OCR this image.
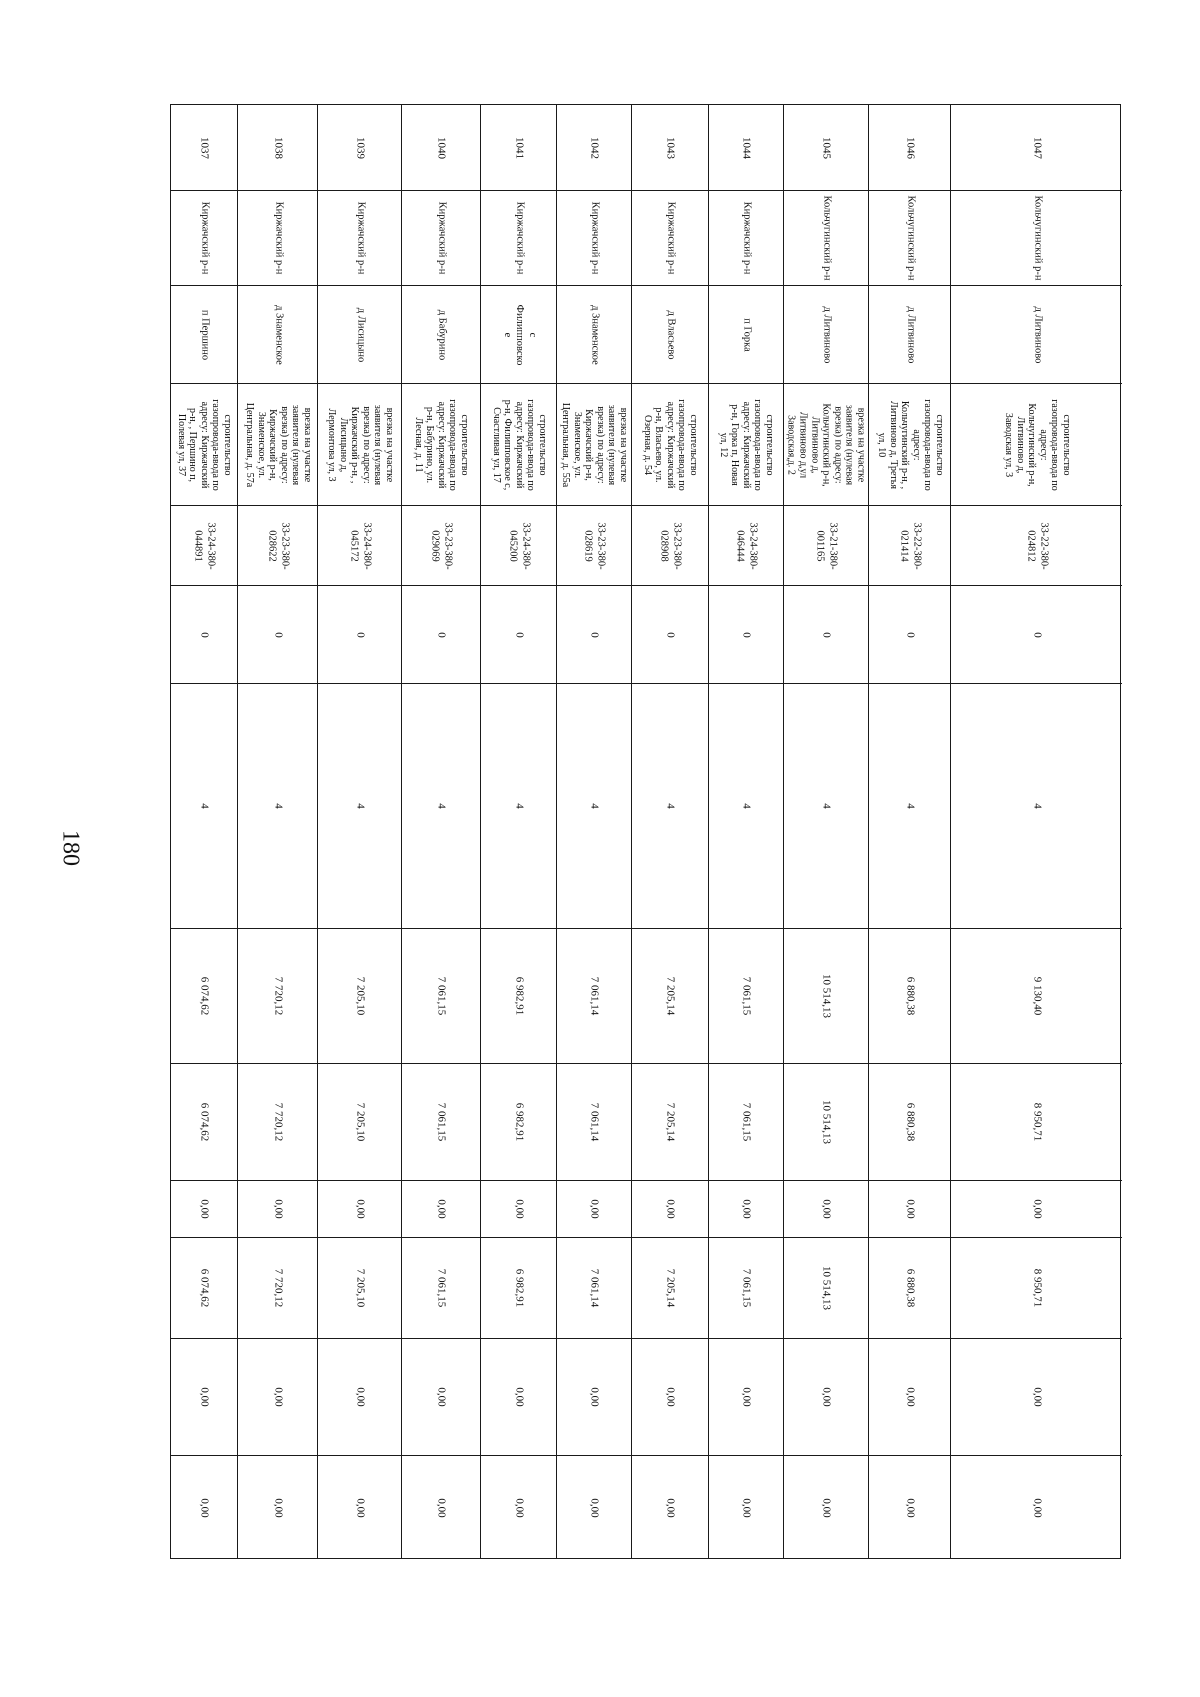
180
1037
Киржачский р-н
п Першино
строительство
газопровода-ввода по
адресу: Киржачский
р-н, , Першино п,
Полевая ул, 37
33-24-380-
044891
0
4
6 074,62
6 074,62
0,00
6 074,62
0,00
0,00
1038
Киржачский р-н
д Знаменское
врезка на участке
заявителя (нулевая
врезка) по адресу:
Киржачский р-н,
Знаменское, ул.
Центральная, д. 57а
33-23-380-
028622
0
4
7 720,12
7 720,12
0,00
7 720,12
0,00
0,00
1039
Киржачский р-н
д Лисицыно
врезка на участке
заявителя (нулевая
врезка) по адресу:
Киржачский р-н, ,
Лисицыно д,
Лермонтова ул, 3
33-24-380-
045172
0
4
7 205,10
7 205,10
0,00
7 205,10
0,00
0,00
1040
Киржачский р-н
д Бабурино
строительство
газопровода-ввода по
адресу: Киржачский
р-н, Бабурино, ул.
Лесная, д. 11
33-23-380-
029069
0
4
7 061,15
7 061,15
0,00
7 061,15
0,00
0,00
1041
Киржачский р-н
с
Филипповско
е
строительство
газопровода-ввода по
адресу: Киржачский
р-н, Филипповское с,
Счастливая ул, 17
33-24-380-
045200
0
4
6 982,91
6 982,91
0,00
6 982,91
0,00
0,00
1042
Киржачский р-н
д Знаменское
врезка на участке
заявителя (нулевая
врезка) по адресу:
Киржачский р-н,
Знаменское, ул.
Центральная, д. 55а
33-23-380-
028619
0
4
7 061,14
7 061,14
0,00
7 061,14
0,00
0,00
1043
Киржачский р-н
д Власьево
строительство
газопровода-ввода по
адресу: Киржачский
р-н, Власьево, ул.
Озерная, д. 54
33-23-380-
028908
0
4
7 205,14
7 205,14
0,00
7 205,14
0,00
0,00
1044
Киржачский р-н
п Горка
строительство
газопровода-ввода по
адресу: Киржачский
р-н, Горка п, Новая
ул, 12
33-24-380-
046444
0
4
7 061,15
7 061,15
0,00
7 061,15
0,00
0,00
1045
Кольчугинский р-н
д Литвиново
врезка на участке
заявителя (нулевая
врезка) по адресу:
Кольчугинский р-н,
Литвиново д,
Литвиново д,ул
Заводская,д. 2
33-21-380-
001165
0
4
10 514,13
10 514,13
0,00
10 514,13
0,00
0,00
1046
Кольчугинский р-н
д Литвиново
строительство
газопровода-ввода по
адресу:
Кольчугинский р-н, ,
Литвиново д, Третья
ул, 10
33-22-380-
021414
0
4
6 880,38
6 880,38
0,00
6 880,38
0,00
0,00
1047
Кольчугинский р-н
д Литвиново
строительство
газопровода-ввода по
адресу:
Кольчугинский р-н,
Литвиново д,
Заводская ул, 3
33-22-380-
024812
0
4
9 130,40
8 950,71
0,00
8 950,71
0,00
0,00
